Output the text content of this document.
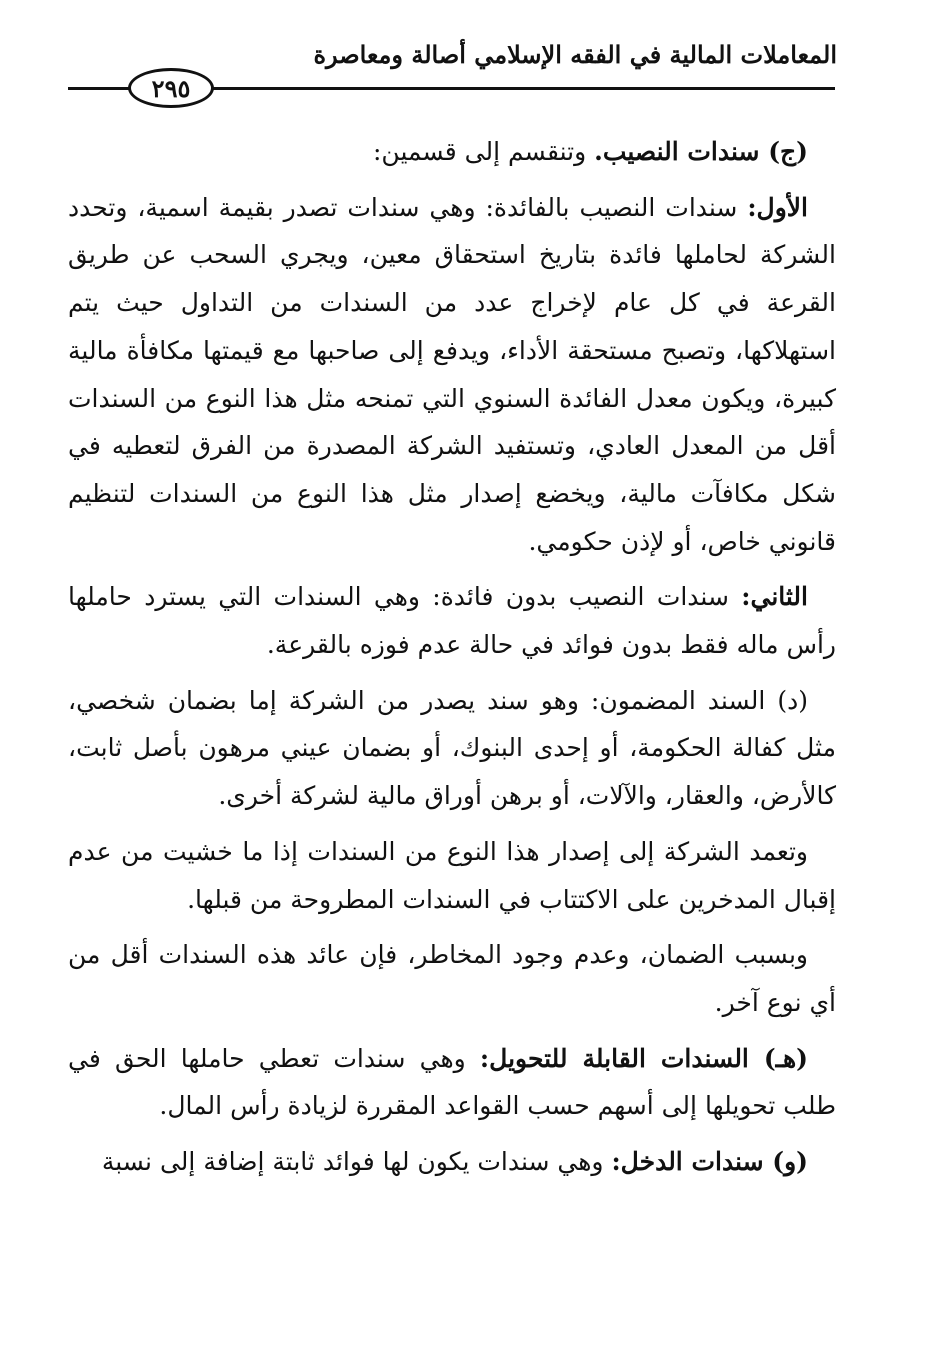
المعاملات المالية في الفقه الإسلامي أصالة ومعاصرة
٢٩٥

(ج) سندات النصيب. وتنقسم إلى قسمين:

الأول: سندات النصيب بالفائدة: وهي سندات تصدر بقيمة اسمية، وتحدد الشركة لحاملها فائدة بتاريخ استحقاق معين، ويجري السحب عن طريق القرعة في كل عام لإخراج عدد من السندات من التداول حيث يتم استهلاكها، وتصبح مستحقة الأداء، ويدفع إلى صاحبها مع قيمتها مكافأة مالية كبيرة، ويكون معدل الفائدة السنوي التي تمنحه مثل هذا النوع من السندات أقل من المعدل العادي، وتستفيد الشركة المصدرة من الفرق لتعطيه في شكل مكافآت مالية، ويخضع إصدار مثل هذا النوع من السندات لتنظيم قانوني خاص، أو لإذن حكومي.

الثاني: سندات النصيب بدون فائدة: وهي السندات التي يسترد حاملها رأس ماله فقط بدون فوائد في حالة عدم فوزه بالقرعة.

(د) السند المضمون: وهو سند يصدر من الشركة إما بضمان شخصي، مثل كفالة الحكومة، أو إحدى البنوك، أو بضمان عيني مرهون بأصل ثابت، كالأرض، والعقار، والآلات، أو برهن أوراق مالية لشركة أخرى.

وتعمد الشركة إلى إصدار هذا النوع من السندات إذا ما خشيت من عدم إقبال المدخرين على الاكتتاب في السندات المطروحة من قبلها.

وبسبب الضمان، وعدم وجود المخاطر، فإن عائد هذه السندات أقل من أي نوع آخر.

(هـ) السندات القابلة للتحويل: وهي سندات تعطي حاملها الحق في طلب تحويلها إلى أسهم حسب القواعد المقررة لزيادة رأس المال.

(و) سندات الدخل: وهي سندات يكون لها فوائد ثابتة إضافة إلى نسبة
